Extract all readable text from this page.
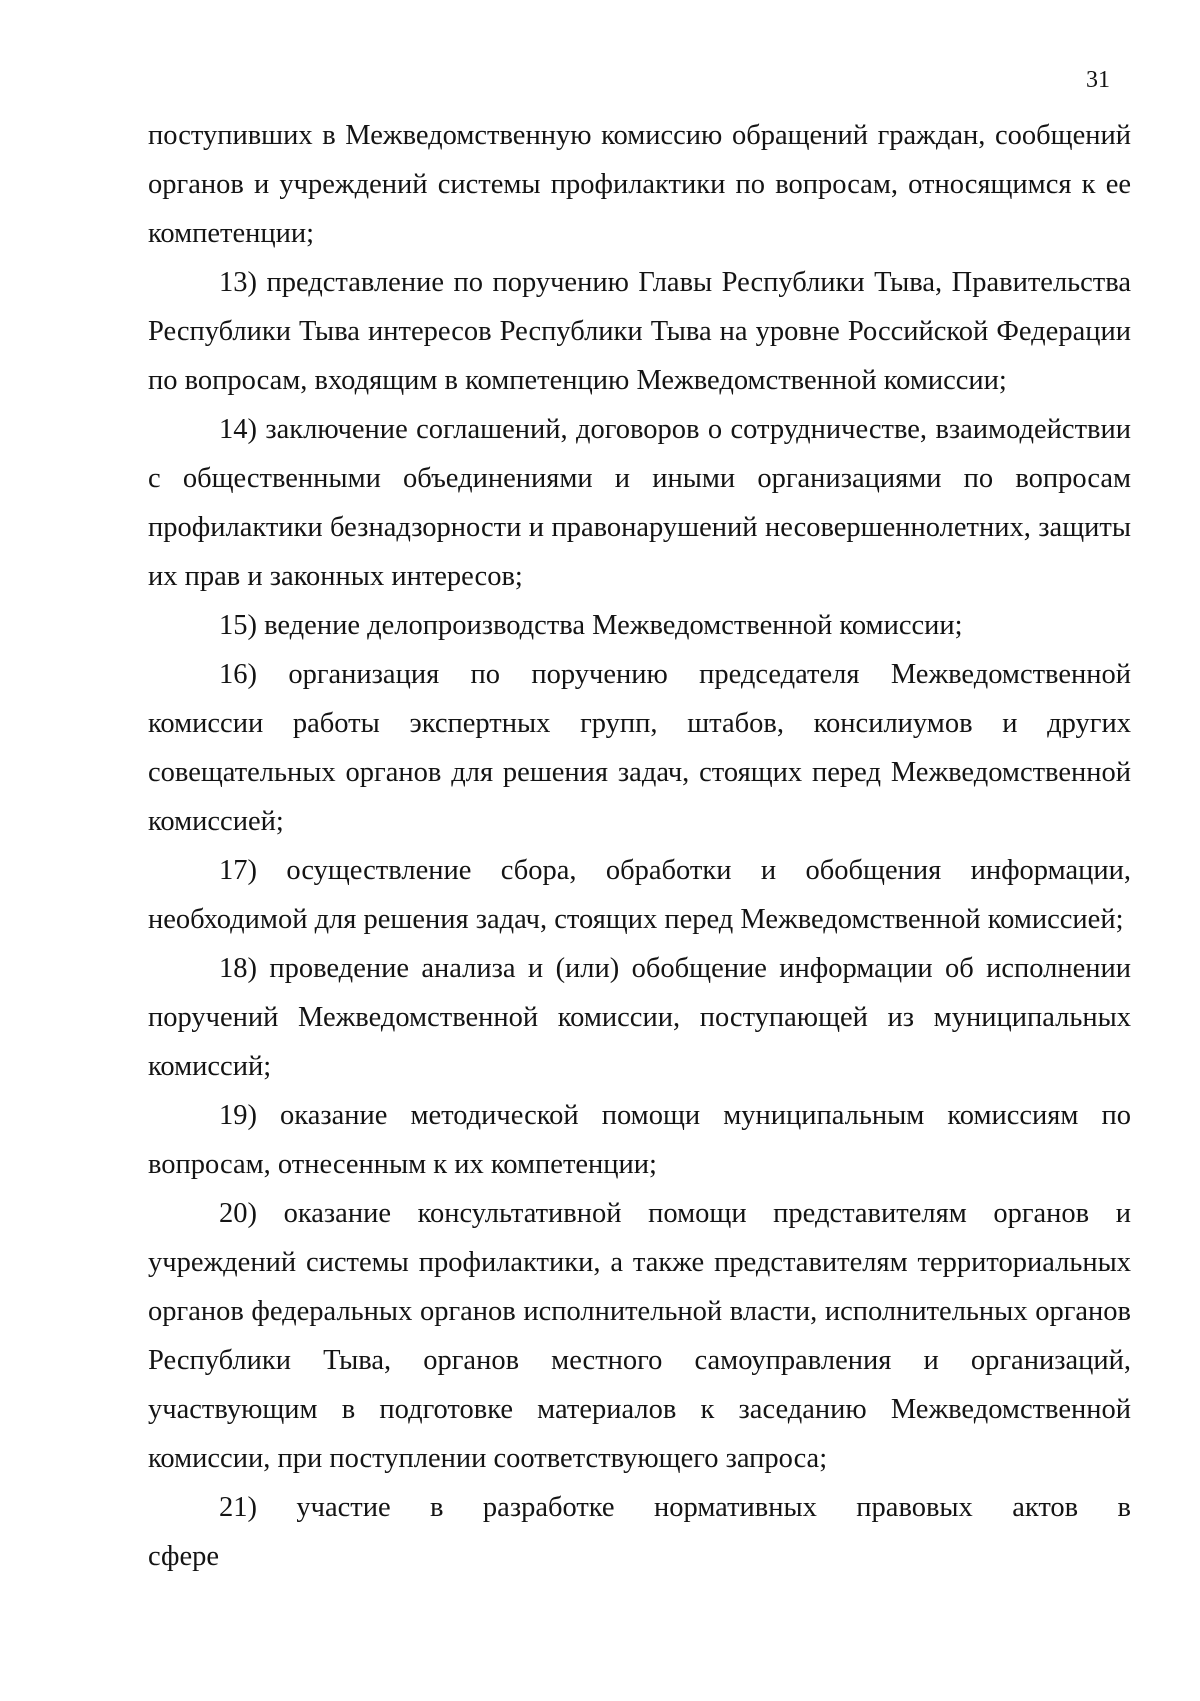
31

поступивших в Межведомственную комиссию обращений граждан, сообщений органов и учреждений системы профилактики по вопросам, относящимся к ее компетенции;

13) представление по поручению Главы Республики Тыва, Правительства Республики Тыва интересов Республики Тыва на уровне Российской Федерации по вопросам, входящим в компетенцию Межведомственной комиссии;

14) заключение соглашений, договоров о сотрудничестве, взаимодействии с общественными объединениями и иными организациями по вопросам профилактики безнадзорности и правонарушений несовершеннолетних, защиты их прав и законных интересов;

15) ведение делопроизводства Межведомственной комиссии;

16) организация по поручению председателя Межведомственной комиссии работы экспертных групп, штабов, консилиумов и других совещательных органов для решения задач, стоящих перед Межведомственной комиссией;

17) осуществление сбора, обработки и обобщения информации, необходимой для решения задач, стоящих перед Межведомственной комиссией;

18) проведение анализа и (или) обобщение информации об исполнении поручений Межведомственной комиссии, поступающей из муниципальных комиссий;

19) оказание методической помощи муниципальным комиссиям по вопросам, отнесенным к их компетенции;

20) оказание консультативной помощи представителям органов и учреждений системы профилактики, а также представителям территориальных органов федеральных органов исполнительной власти, исполнительных органов Республики Тыва, органов местного самоуправления и организаций, участвующим в подготовке материалов к заседанию Межведомственной комиссии, при поступлении соответствующего запроса;

21) участие в разработке нормативных правовых актов в сфере
